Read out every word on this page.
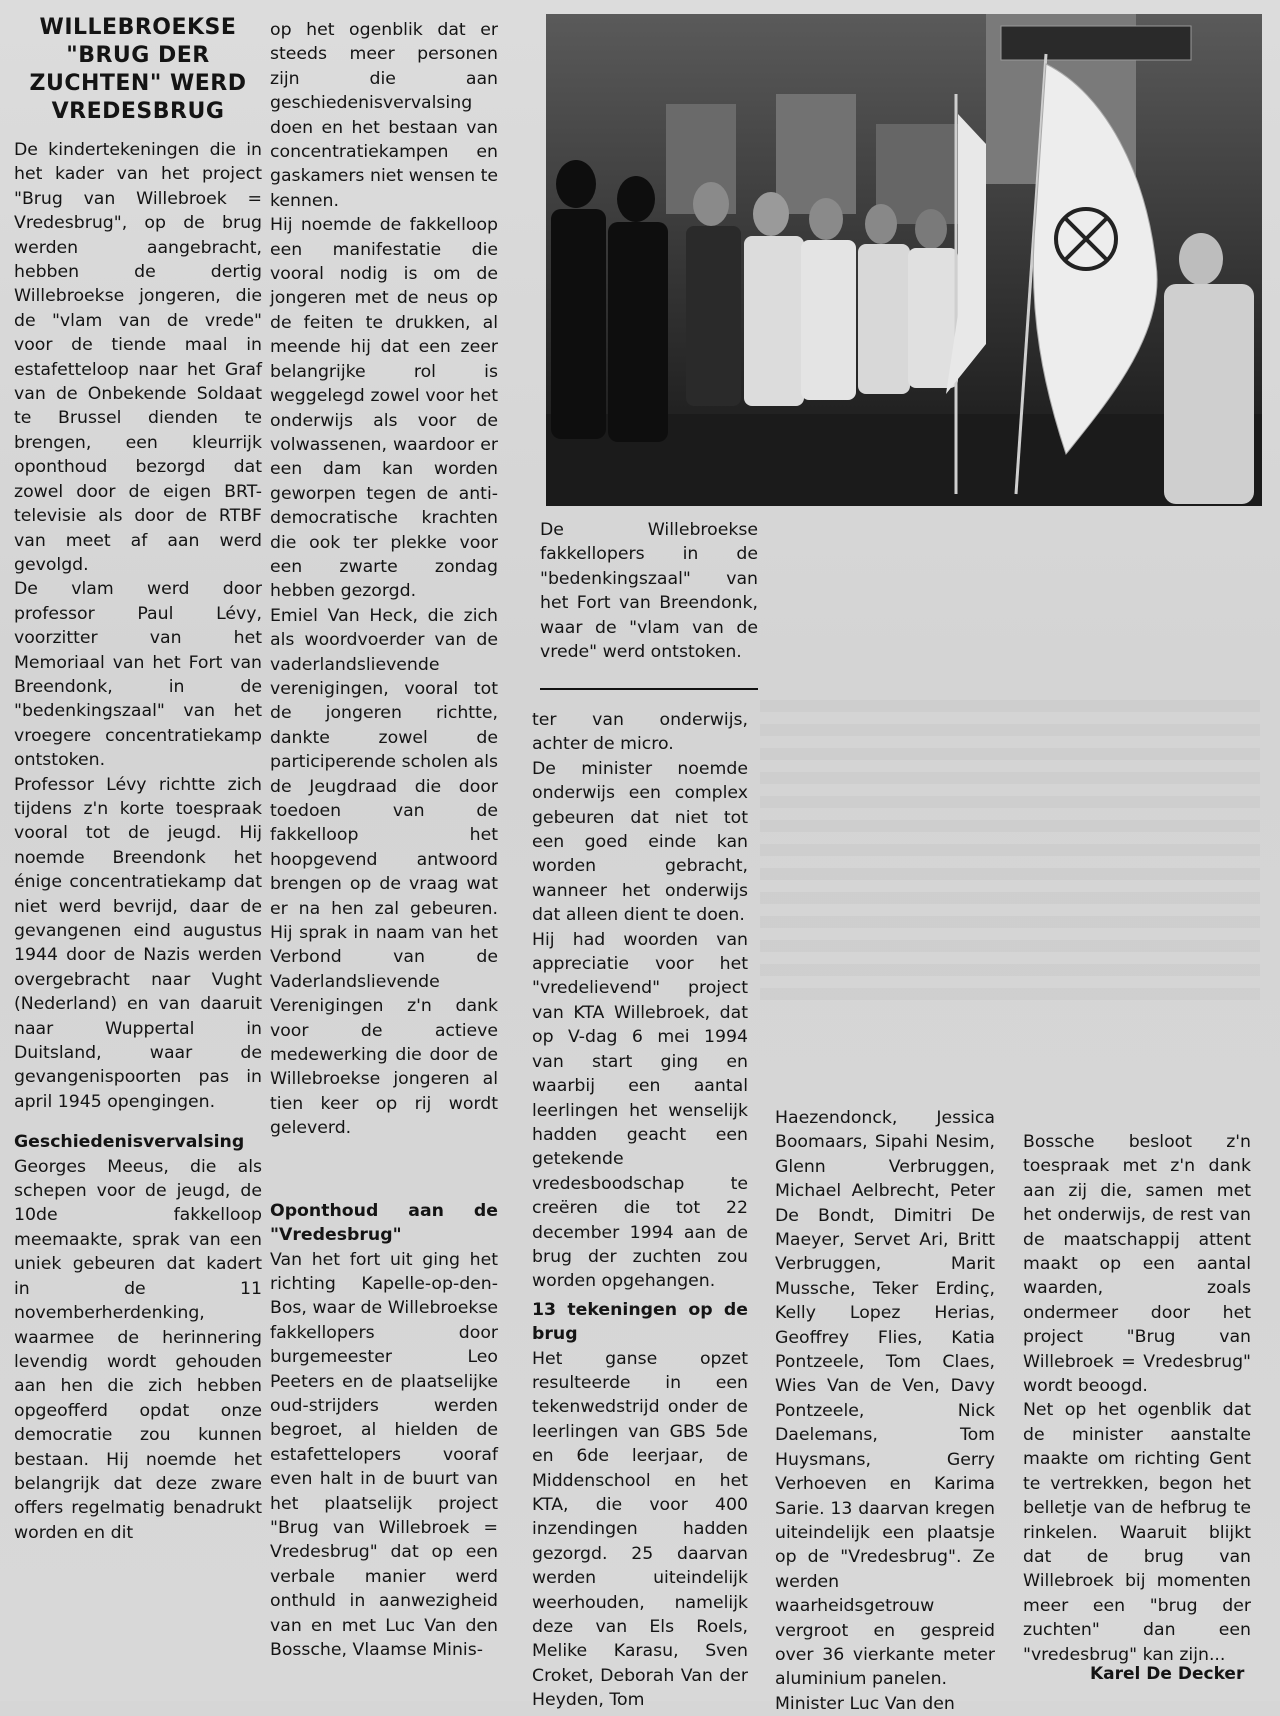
WILLEBROEKSE "BRUG DER ZUCHTEN" WERD VREDESBRUG

De kindertekeningen die in het kader van het project "Brug van Willebroek = Vredesbrug", op de brug werden aangebracht, hebben de dertig Willebroekse jongeren, die de "vlam van de vrede" voor de tiende maal in estafetteloop naar het Graf van de Onbekende Soldaat te Brussel dienden te brengen, een kleurrijk oponthoud bezorgd dat zowel door de eigen BRT-televisie als door de RTBF van meet af aan werd gevolgd.

De vlam werd door professor Paul Lévy, voorzitter van het Memoriaal van het Fort van Breendonk, in de "bedenkingszaal" van het vroegere concentratiekamp ontstoken.

Professor Lévy richtte zich tijdens z'n korte toespraak vooral tot de jeugd. Hij noemde Breendonk het énige concentratiekamp dat niet werd bevrijd, daar de gevangenen eind augustus 1944 door de Nazis werden overgebracht naar Vught (Nederland) en van daaruit naar Wuppertal in Duitsland, waar de gevangenispoorten pas in april 1945 opengingen.

Geschiedenisvervalsing

Georges Meeus, die als schepen voor de jeugd, de 10de fakkelloop meemaakte, sprak van een uniek gebeuren dat kadert in de 11 novemberherdenking, waarmee de herinnering levendig wordt gehouden aan hen die zich hebben opgeofferd opdat onze democratie zou kunnen bestaan. Hij noemde het belangrijk dat deze zware offers regelmatig benadrukt worden en dit

op het ogenblik dat er steeds meer personen zijn die aan geschiedenisvervalsing doen en het bestaan van concentratiekampen en gaskamers niet wensen te kennen.

Hij noemde de fakkelloop een manifestatie die vooral nodig is om de jongeren met de neus op de feiten te drukken, al meende hij dat een zeer belangrijke rol is weggelegd zowel voor het onderwijs als voor de volwassenen, waardoor er een dam kan worden geworpen tegen de anti-democratische krachten die ook ter plekke voor een zwarte zondag hebben gezorgd.

Emiel Van Heck, die zich als woordvoerder van de vaderlandslievende verenigingen, vooral tot de jongeren richtte, dankte zowel de participerende scholen als de Jeugdraad die door toedoen van de fakkelloop het hoopgevend antwoord brengen op de vraag wat er na hen zal gebeuren. Hij sprak in naam van het Verbond van de Vaderlandslievende Verenigingen z'n dank voor de actieve medewerking die door de Willebroekse jongeren al tien keer op rij wordt geleverd.

Oponthoud aan de "Vredesbrug"

Van het fort uit ging het richting Kapelle-op-den-Bos, waar de Willebroekse fakkellopers door burgemeester Leo Peeters en de plaatselijke oud-strijders werden begroet, al hielden de estafettelopers vooraf even halt in de buurt van het plaatselijk project "Brug van Willebroek = Vredesbrug" dat op een verbale manier werd onthuld in aanwezigheid van en met Luc Van den Bossche, Vlaamse Minis-

De Willebroekse fakkellopers in de "bedenkingszaal" van het Fort van Breendonk, waar de "vlam van de vrede" werd ontstoken.

ter van onderwijs, achter de micro.

De minister noemde onderwijs een complex gebeuren dat niet tot een goed einde kan worden gebracht, wanneer het onderwijs dat alleen dient te doen.

Hij had woorden van appreciatie voor het "vredelievend" project van KTA Willebroek, dat op V-dag 6 mei 1994 van start ging en waarbij een aantal leerlingen het wenselijk hadden geacht een getekende vredesboodschap te creëren die tot 22 december 1994 aan de brug der zuchten zou worden opgehangen.

13 tekeningen op de brug

Het ganse opzet resulteerde in een tekenwedstrijd onder de leerlingen van GBS 5de en 6de leerjaar, de Middenschool en het KTA, die voor 400 inzendingen hadden gezorgd. 25 daarvan werden uiteindelijk weerhouden, namelijk deze van Els Roels, Melike Karasu, Sven Croket, Deborah Van der Heyden, Tom

Haezendonck, Jessica Boomaars, Sipahi Nesim, Glenn Verbruggen, Michael Aelbrecht, Peter De Bondt, Dimitri De Maeyer, Servet Ari, Britt Verbruggen, Marit Mussche, Teker Erdinç, Kelly Lopez Herias, Geoffrey Flies, Katia Pontzeele, Tom Claes, Wies Van de Ven, Davy Pontzeele, Nick Daelemans, Tom Huysmans, Gerry Verhoeven en Karima Sarie. 13 daarvan kregen uiteindelijk een plaatsje op de "Vredesbrug". Ze werden waarheidsgetrouw vergroot en gespreid over 36 vierkante meter aluminium panelen.

Minister Luc Van den

Bossche besloot z'n toespraak met z'n dank aan zij die, samen met het onderwijs, de rest van de maatschappij attent maakt op een aantal waarden, zoals ondermeer door het project "Brug van Willebroek = Vredesbrug" wordt beoogd.

Net op het ogenblik dat de minister aanstalte maakte om richting Gent te vertrekken, begon het belletje van de hefbrug te rinkelen. Waaruit blijkt dat de brug van Willebroek bij momenten meer een "brug der zuchten" dan een "vredesbrug" kan zijn...

Karel De Decker
